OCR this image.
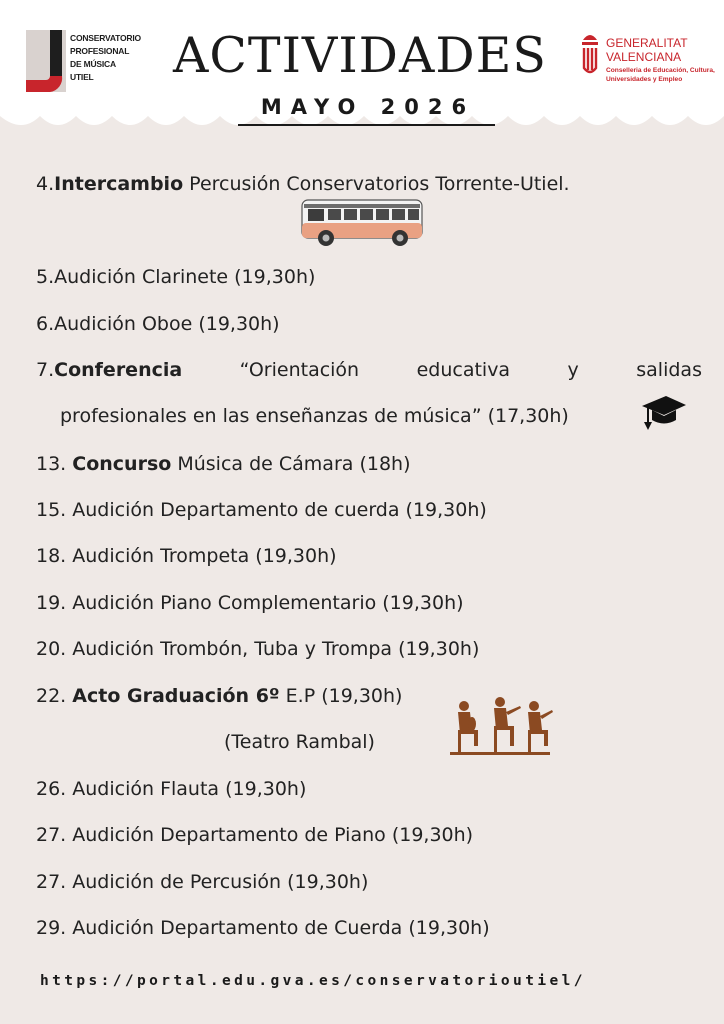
CONSERVATORIO
PROFESIONAL
DE MÚSICA
UTIEL	ACTIVIDADES
MAYO 2026
GENERALITAT
VALENCIANA
Conselleria de Educación, Cultura, Universidades y Empleo
4.Intercambio Percusión Conservatorios Torrente-Utiel.
5.Audición Clarinete (19,30h)
6.Audición Oboe (19,30h)
7.Conferencia	“Orientación	educativa	y	salidas
profesionales en las enseñanzas de música” (17,30h)
13. Concurso Música de Cámara (18h)
15. Audición Departamento de cuerda (19,30h)
18. Audición Trompeta (19,30h)
19. Audición Piano Complementario (19,30h)
20. Audición Trombón, Tuba y Trompa (19,30h)
22. Acto Graduación 6º E.P (19,30h)
(Teatro Rambal)
26. Audición Flauta (19,30h)
27. Audición Departamento de Piano (19,30h)
27. Audición de Percusión (19,30h)
29. Audición Departamento de Cuerda (19,30h)
https://portal.edu.gva.es/conservatorioutiel/
